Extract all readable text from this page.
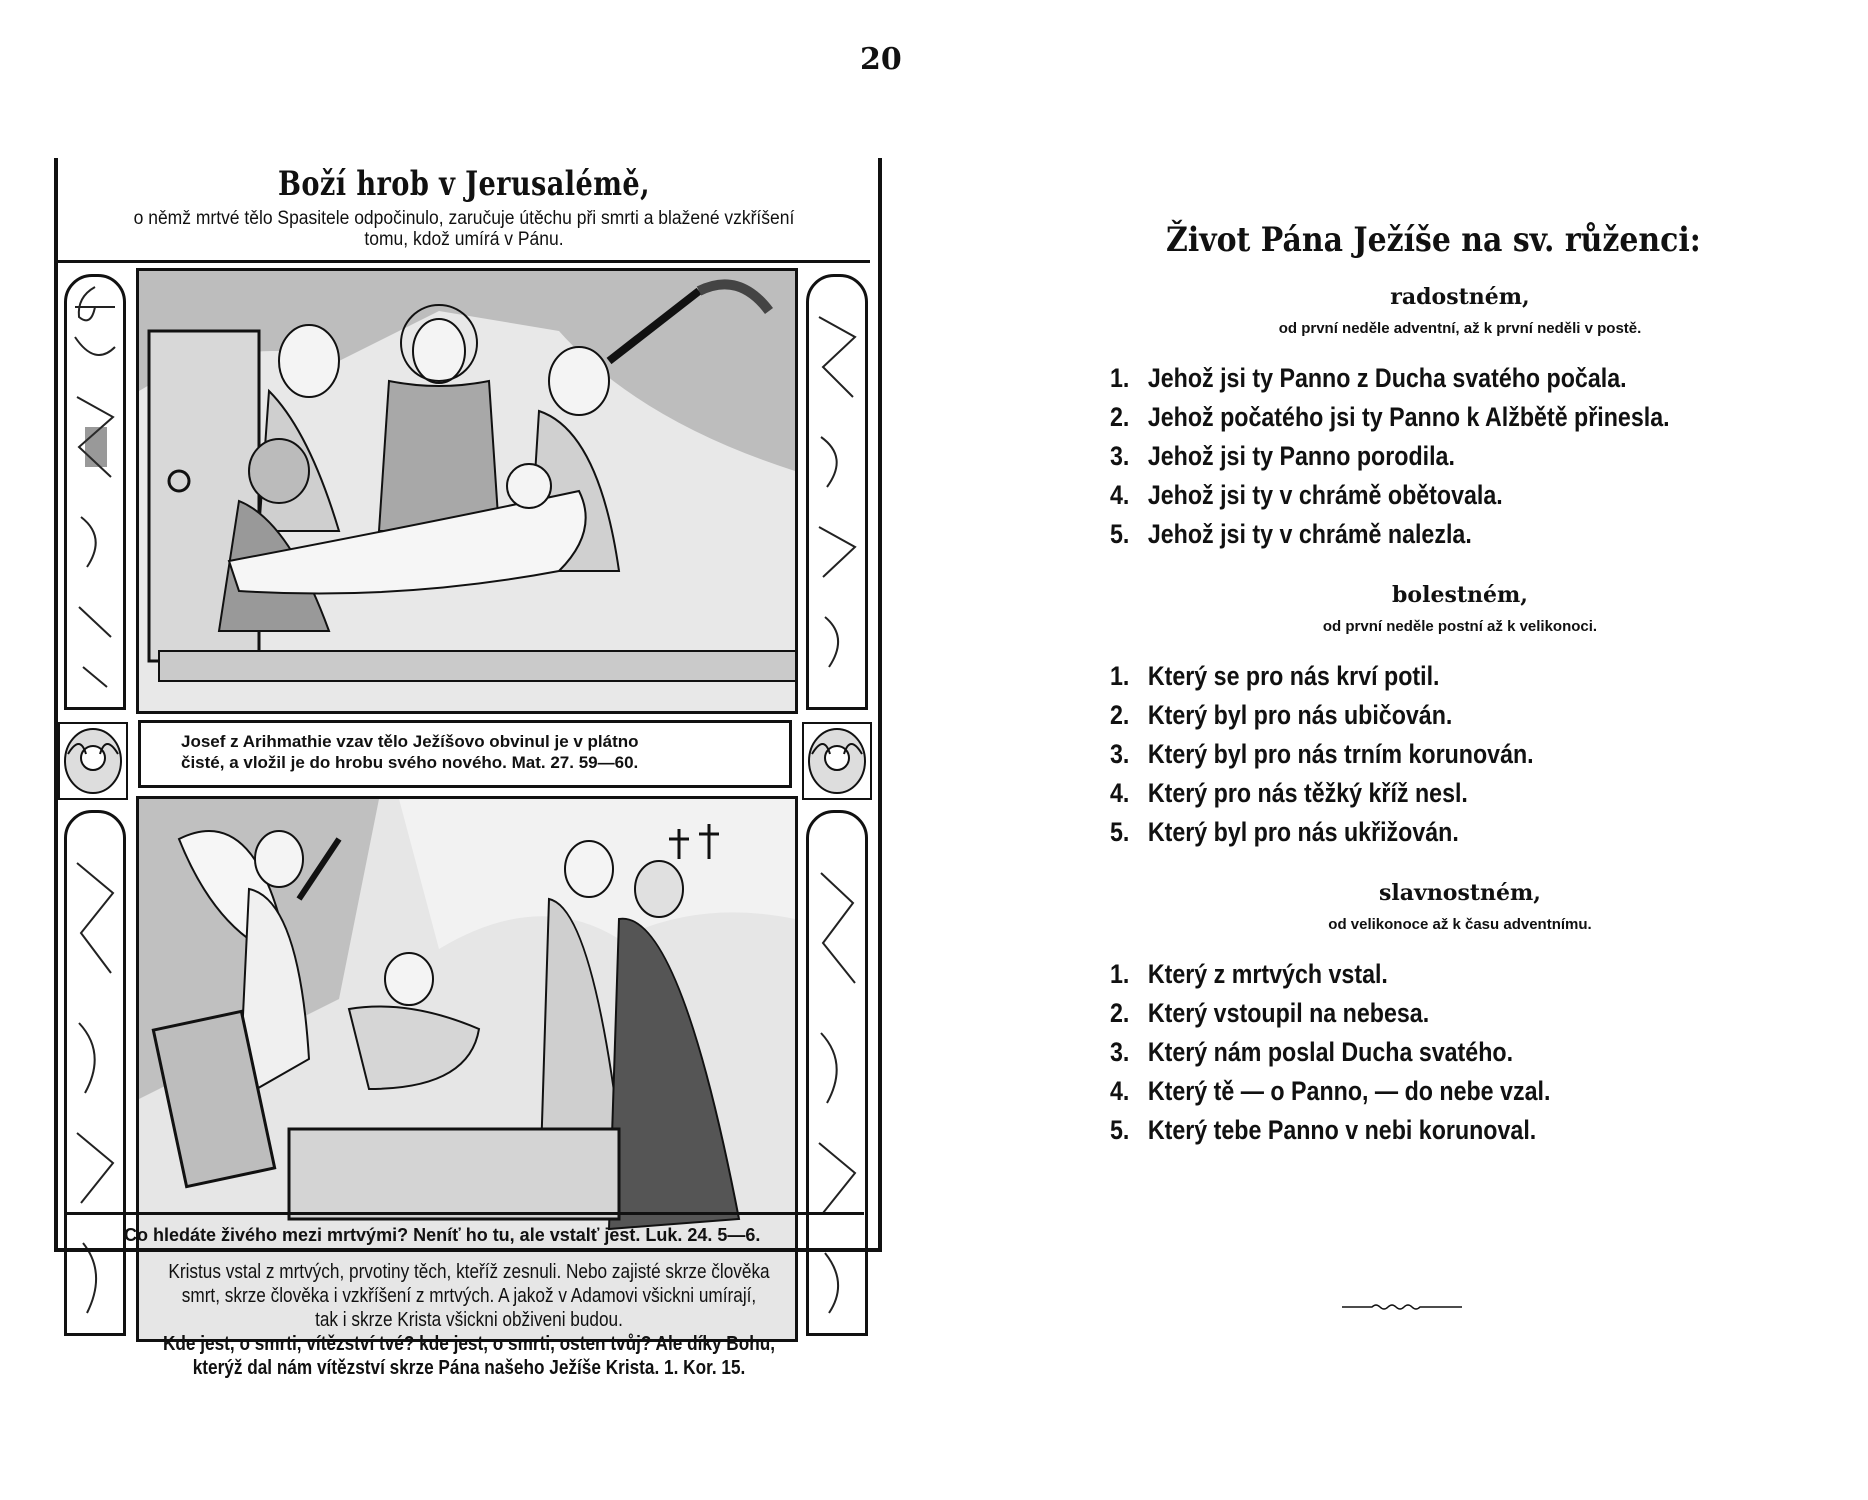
20
Boží hrob v Jerusalémě,

o němž mrtvé tělo Spasitele odpočinulo, zaručuje útěchu při smrti a blažené vzkříšení tomu, kdož umírá v Pánu.

Josef z Arihmathie vzav tělo Ježíšovo obvinul je v plátno
čisté, a vložil je do hrobu svého nového. Mat. 27. 59—60.
Co hledáte živého mezi mrtvými? Neníť ho tu, ale vstalť jest. Luk. 24. 5—6.
Kristus vstal z mrtvých, prvotiny těch, kteříž zesnuli. Nebo zajisté skrze člověka
smrt, skrze člověka i vzkříšení z mrtvých. A jakož v Adamovi všickni umírají,
tak i skrze Krista všickni obživeni budou.
Kde jest, o smrti, vítězství tvé? kde jest, o smrti, osten tvůj? Ale díky Bohu,
kterýž dal nám vítězství skrze Pána našeho Ježíše Krista. 1. Kor. 15.
Život Pána Ježíše na sv. růženci:
radostném,
od první neděle adventní, až k první neděli v postě.
1. Jehož jsi ty Panno z Ducha svatého počala.
2. Jehož počatého jsi ty Panno k Alžbětě přinesla.
3. Jehož jsi ty Panno porodila.
4. Jehož jsi ty v chrámě obětovala.
5. Jehož jsi ty v chrámě nalezla.
bolestném,
od první neděle postní až k velikonoci.
1. Který se pro nás krví potil.
2. Který byl pro nás ubičován.
3. Který byl pro nás trním korunován.
4. Který pro nás těžký kříž nesl.
5. Který byl pro nás ukřižován.
slavnostném,
od velikonoce až k času adventnímu.
1. Který z mrtvých vstal.
2. Který vstoupil na nebesa.
3. Který nám poslal Ducha svatého.
4. Který tě — o Panno, — do nebe vzal.
5. Který tebe Panno v nebi korunoval.
